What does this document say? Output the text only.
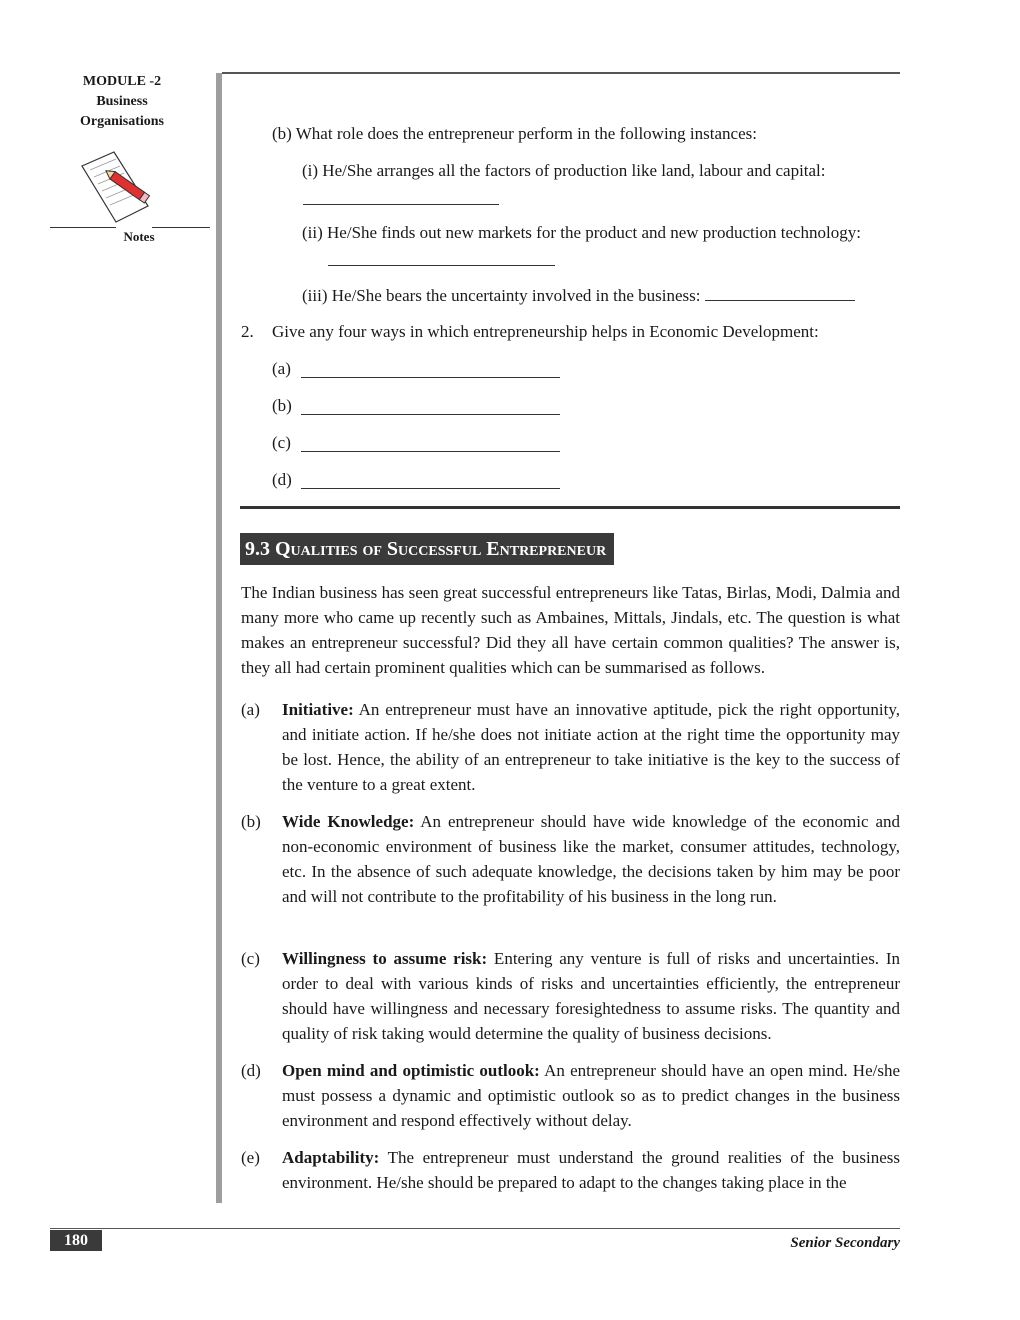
MODULE -2
Business
Organisations
Notes
(b) What role does the entrepreneur perform in the following instances:
(i) He/She arranges all the factors of production like land, labour and capital:
(ii) He/She finds out new markets for the product and new production technology:
(iii) He/She bears the uncertainty involved in the business:
2. Give any four ways in which entrepreneurship helps in Economic Development:
(a)
(b)
(c)
(d)
9.3 Qualities of Successful Entrepreneur
The Indian business has seen great successful entrepreneurs like Tatas, Birlas, Modi, Dalmia and many more who came up recently such as Ambaines, Mittals, Jindals, etc. The question is what makes an entrepreneur successful? Did they all have certain common qualities? The answer is, they all had certain prominent qualities which can be summarised as follows.
(a) Initiative: An entrepreneur must have an innovative aptitude, pick the right opportunity, and initiate action. If he/she does not initiate action at the right time the opportunity may be lost. Hence, the ability of an entrepreneur to take initiative is the key to the success of the venture to a great extent.
(b) Wide Knowledge: An entrepreneur should have wide knowledge of the economic and non-economic environment of business like the market, consumer attitudes, technology, etc. In the absence of such adequate knowledge, the decisions taken by him may be poor and will not contribute to the profitability of his business in the long run.
(c) Willingness to assume risk: Entering any venture is full of risks and uncertainties. In order to deal with various kinds of risks and uncertainties efficiently, the entrepreneur should have willingness and necessary foresightedness to assume risks. The quantity and quality of risk taking would determine the quality of business decisions.
(d) Open mind and optimistic outlook: An entrepreneur should have an open mind. He/she must possess a dynamic and optimistic outlook so as to predict changes in the business environment and respond effectively without delay.
(e) Adaptability: The entrepreneur must understand the ground realities of the business environment. He/she should be prepared to adapt to the changes taking place in the
180	Senior Secondary
